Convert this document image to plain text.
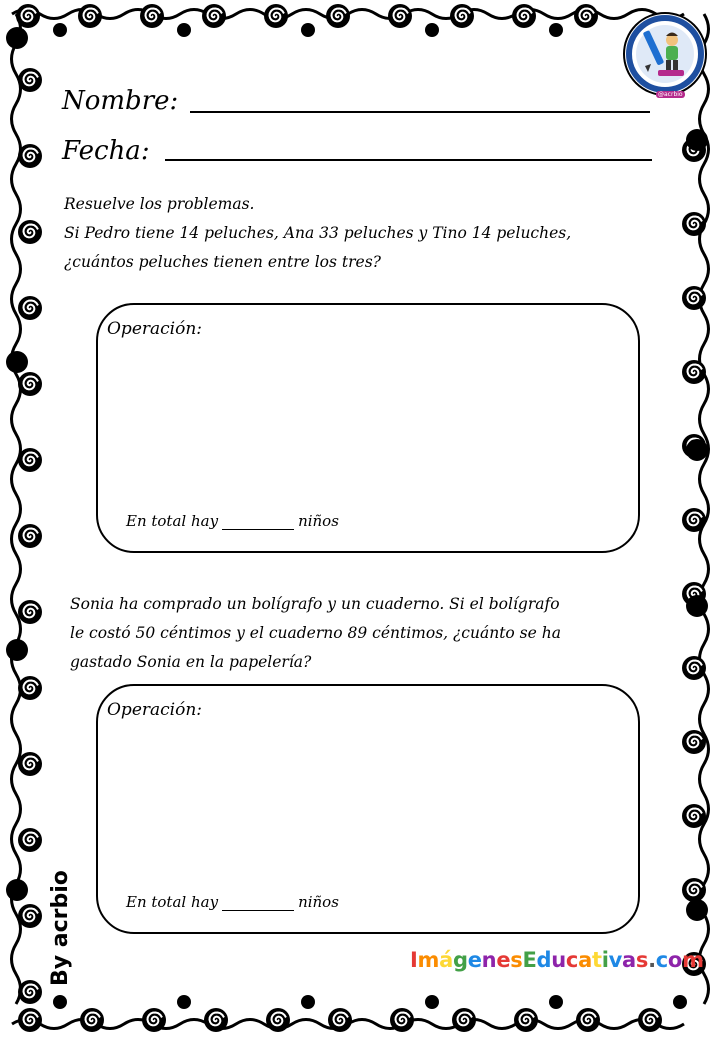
Nombre:
Fecha:
Resuelve los problemas.
Si Pedro tiene 14 peluches, Ana 33 peluches y Tino 14 peluches,
¿cuántos peluches tienen entre los tres?
Operación:
En total hay	niños
Sonia ha comprado un bolígrafo y un cuaderno. Si el bolígrafo
le costó 50 céntimos y el cuaderno 89 céntimos, ¿cuánto se ha
gastado Sonia en la papelería?
Operación:
En total hay	niños
By acrbio	ImágenesEducativas.com
@acrbio
